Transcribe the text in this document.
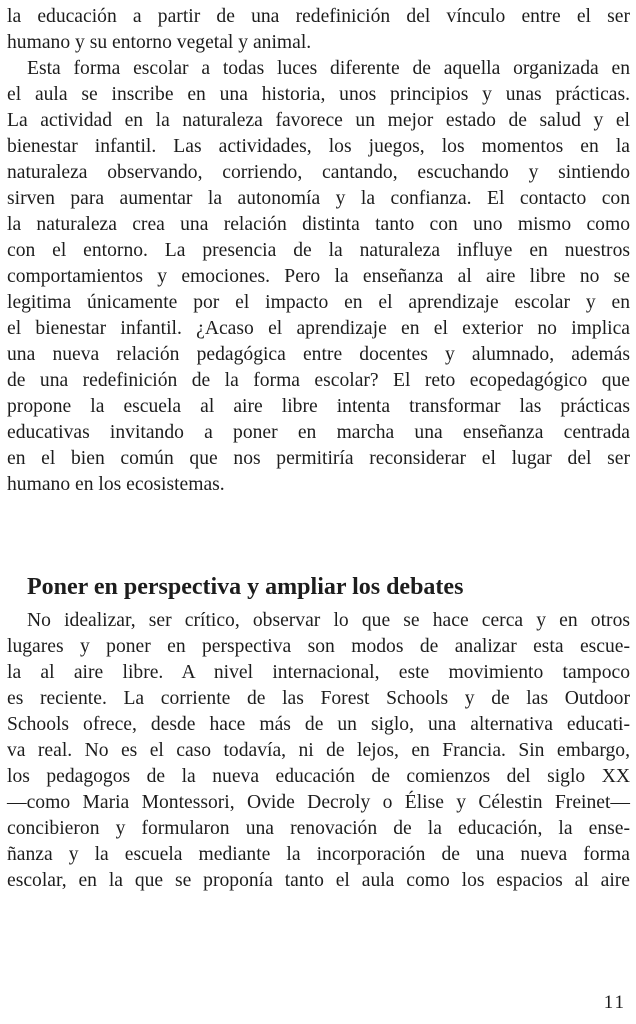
la educación a partir de una redefinición del vínculo entre el ser
humano y su entorno vegetal y animal.
Esta forma escolar a todas luces diferente de aquella organizada en
el aula se inscribe en una historia, unos principios y unas prácticas.
La actividad en la naturaleza favorece un mejor estado de salud y el
bienestar infantil. Las actividades, los juegos, los momentos en la
naturaleza observando, corriendo, cantando, escuchando y sintiendo
sirven para aumentar la autonomía y la confianza. El contacto con
la naturaleza crea una relación distinta tanto con uno mismo como
con el entorno. La presencia de la naturaleza influye en nuestros
comportamientos y emociones. Pero la enseñanza al aire libre no se
legitima únicamente por el impacto en el aprendizaje escolar y en
el bienestar infantil. ¿Acaso el aprendizaje en el exterior no implica
una nueva relación pedagógica entre docentes y alumnado, además
de una redefinición de la forma escolar? El reto ecopedagógico que
propone la escuela al aire libre intenta transformar las prácticas
educativas invitando a poner en marcha una enseñanza centrada
en el bien común que nos permitiría reconsiderar el lugar del ser
humano en los ecosistemas.
Poner en perspectiva y ampliar los debates
No idealizar, ser crítico, observar lo que se hace cerca y en otros
lugares y poner en perspectiva son modos de analizar esta escue-
la al aire libre. A nivel internacional, este movimiento tampoco
es reciente. La corriente de las Forest Schools y de las Outdoor
Schools ofrece, desde hace más de un siglo, una alternativa educati-
va real. No es el caso todavía, ni de lejos, en Francia. Sin embargo,
los pedagogos de la nueva educación de comienzos del siglo XX
—como Maria Montessori, Ovide Decroly o Élise y Célestin Freinet—
concibieron y formularon una renovación de la educación, la ense-
ñanza y la escuela mediante la incorporación de una nueva forma
escolar, en la que se proponía tanto el aula como los espacios al aire
11
